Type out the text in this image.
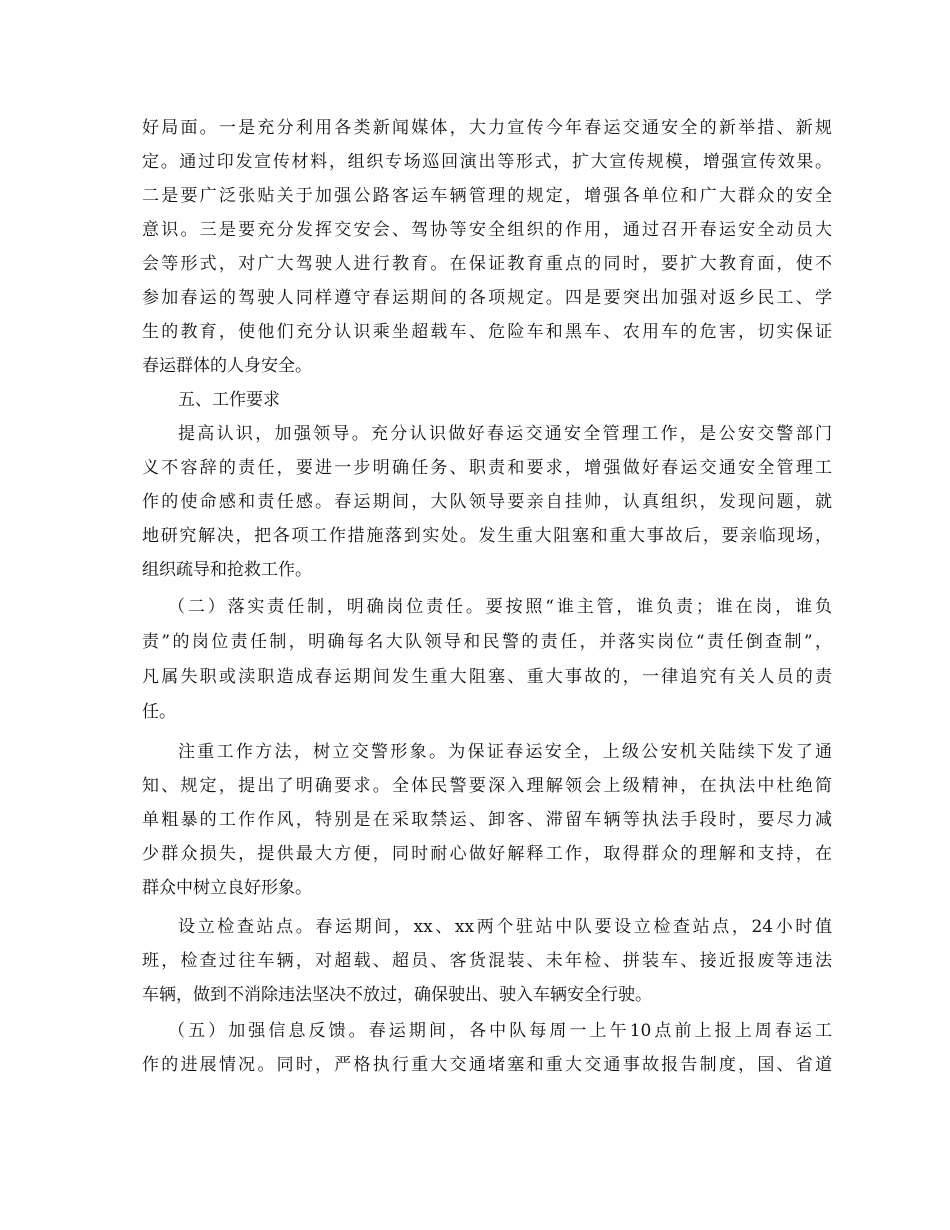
好局面。一是充分利用各类新闻媒体，大力宣传今年春运交通安全的新举措、新规
定。通过印发宣传材料，组织专场巡回演出等形式，扩大宣传规模，增强宣传效果。
二是要广泛张贴关于加强公路客运车辆管理的规定，增强各单位和广大群众的安全
意识。三是要充分发挥交安会、驾协等安全组织的作用，通过召开春运安全动员大
会等形式，对广大驾驶人进行教育。在保证教育重点的同时，要扩大教育面，使不
参加春运的驾驶人同样遵守春运期间的各项规定。四是要突出加强对返乡民工、学
生的教育，使他们充分认识乘坐超载车、危险车和黑车、农用车的危害，切实保证
春运群体的人身安全。
五、工作要求
提高认识，加强领导。充分认识做好春运交通安全管理工作，是公安交警部门
义不容辞的责任，要进一步明确任务、职责和要求，增强做好春运交通安全管理工
作的使命感和责任感。春运期间，大队领导要亲自挂帅，认真组织，发现问题，就
地研究解决，把各项工作措施落到实处。发生重大阻塞和重大事故后，要亲临现场，
组织疏导和抢救工作。
（二）落实责任制，明确岗位责任。要按照“谁主管，谁负责；谁在岗，谁负
责”的岗位责任制，明确每名大队领导和民警的责任，并落实岗位“责任倒查制”，
凡属失职或渎职造成春运期间发生重大阻塞、重大事故的，一律追究有关人员的责
任。
注重工作方法，树立交警形象。为保证春运安全，上级公安机关陆续下发了通
知、规定，提出了明确要求。全体民警要深入理解领会上级精神，在执法中杜绝简
单粗暴的工作作风，特别是在采取禁运、卸客、滞留车辆等执法手段时，要尽力减
少群众损失，提供最大方便，同时耐心做好解释工作，取得群众的理解和支持，在
群众中树立良好形象。
设立检查站点。春运期间，xx、xx两个驻站中队要设立检查站点，24小时值
班，检查过往车辆，对超载、超员、客货混装、未年检、拼装车、接近报废等违法
车辆，做到不消除违法坚决不放过，确保驶出、驶入车辆安全行驶。
（五）加强信息反馈。春运期间，各中队每周一上午10点前上报上周春运工
作的进展情况。同时，严格执行重大交通堵塞和重大交通事故报告制度，国、省道
